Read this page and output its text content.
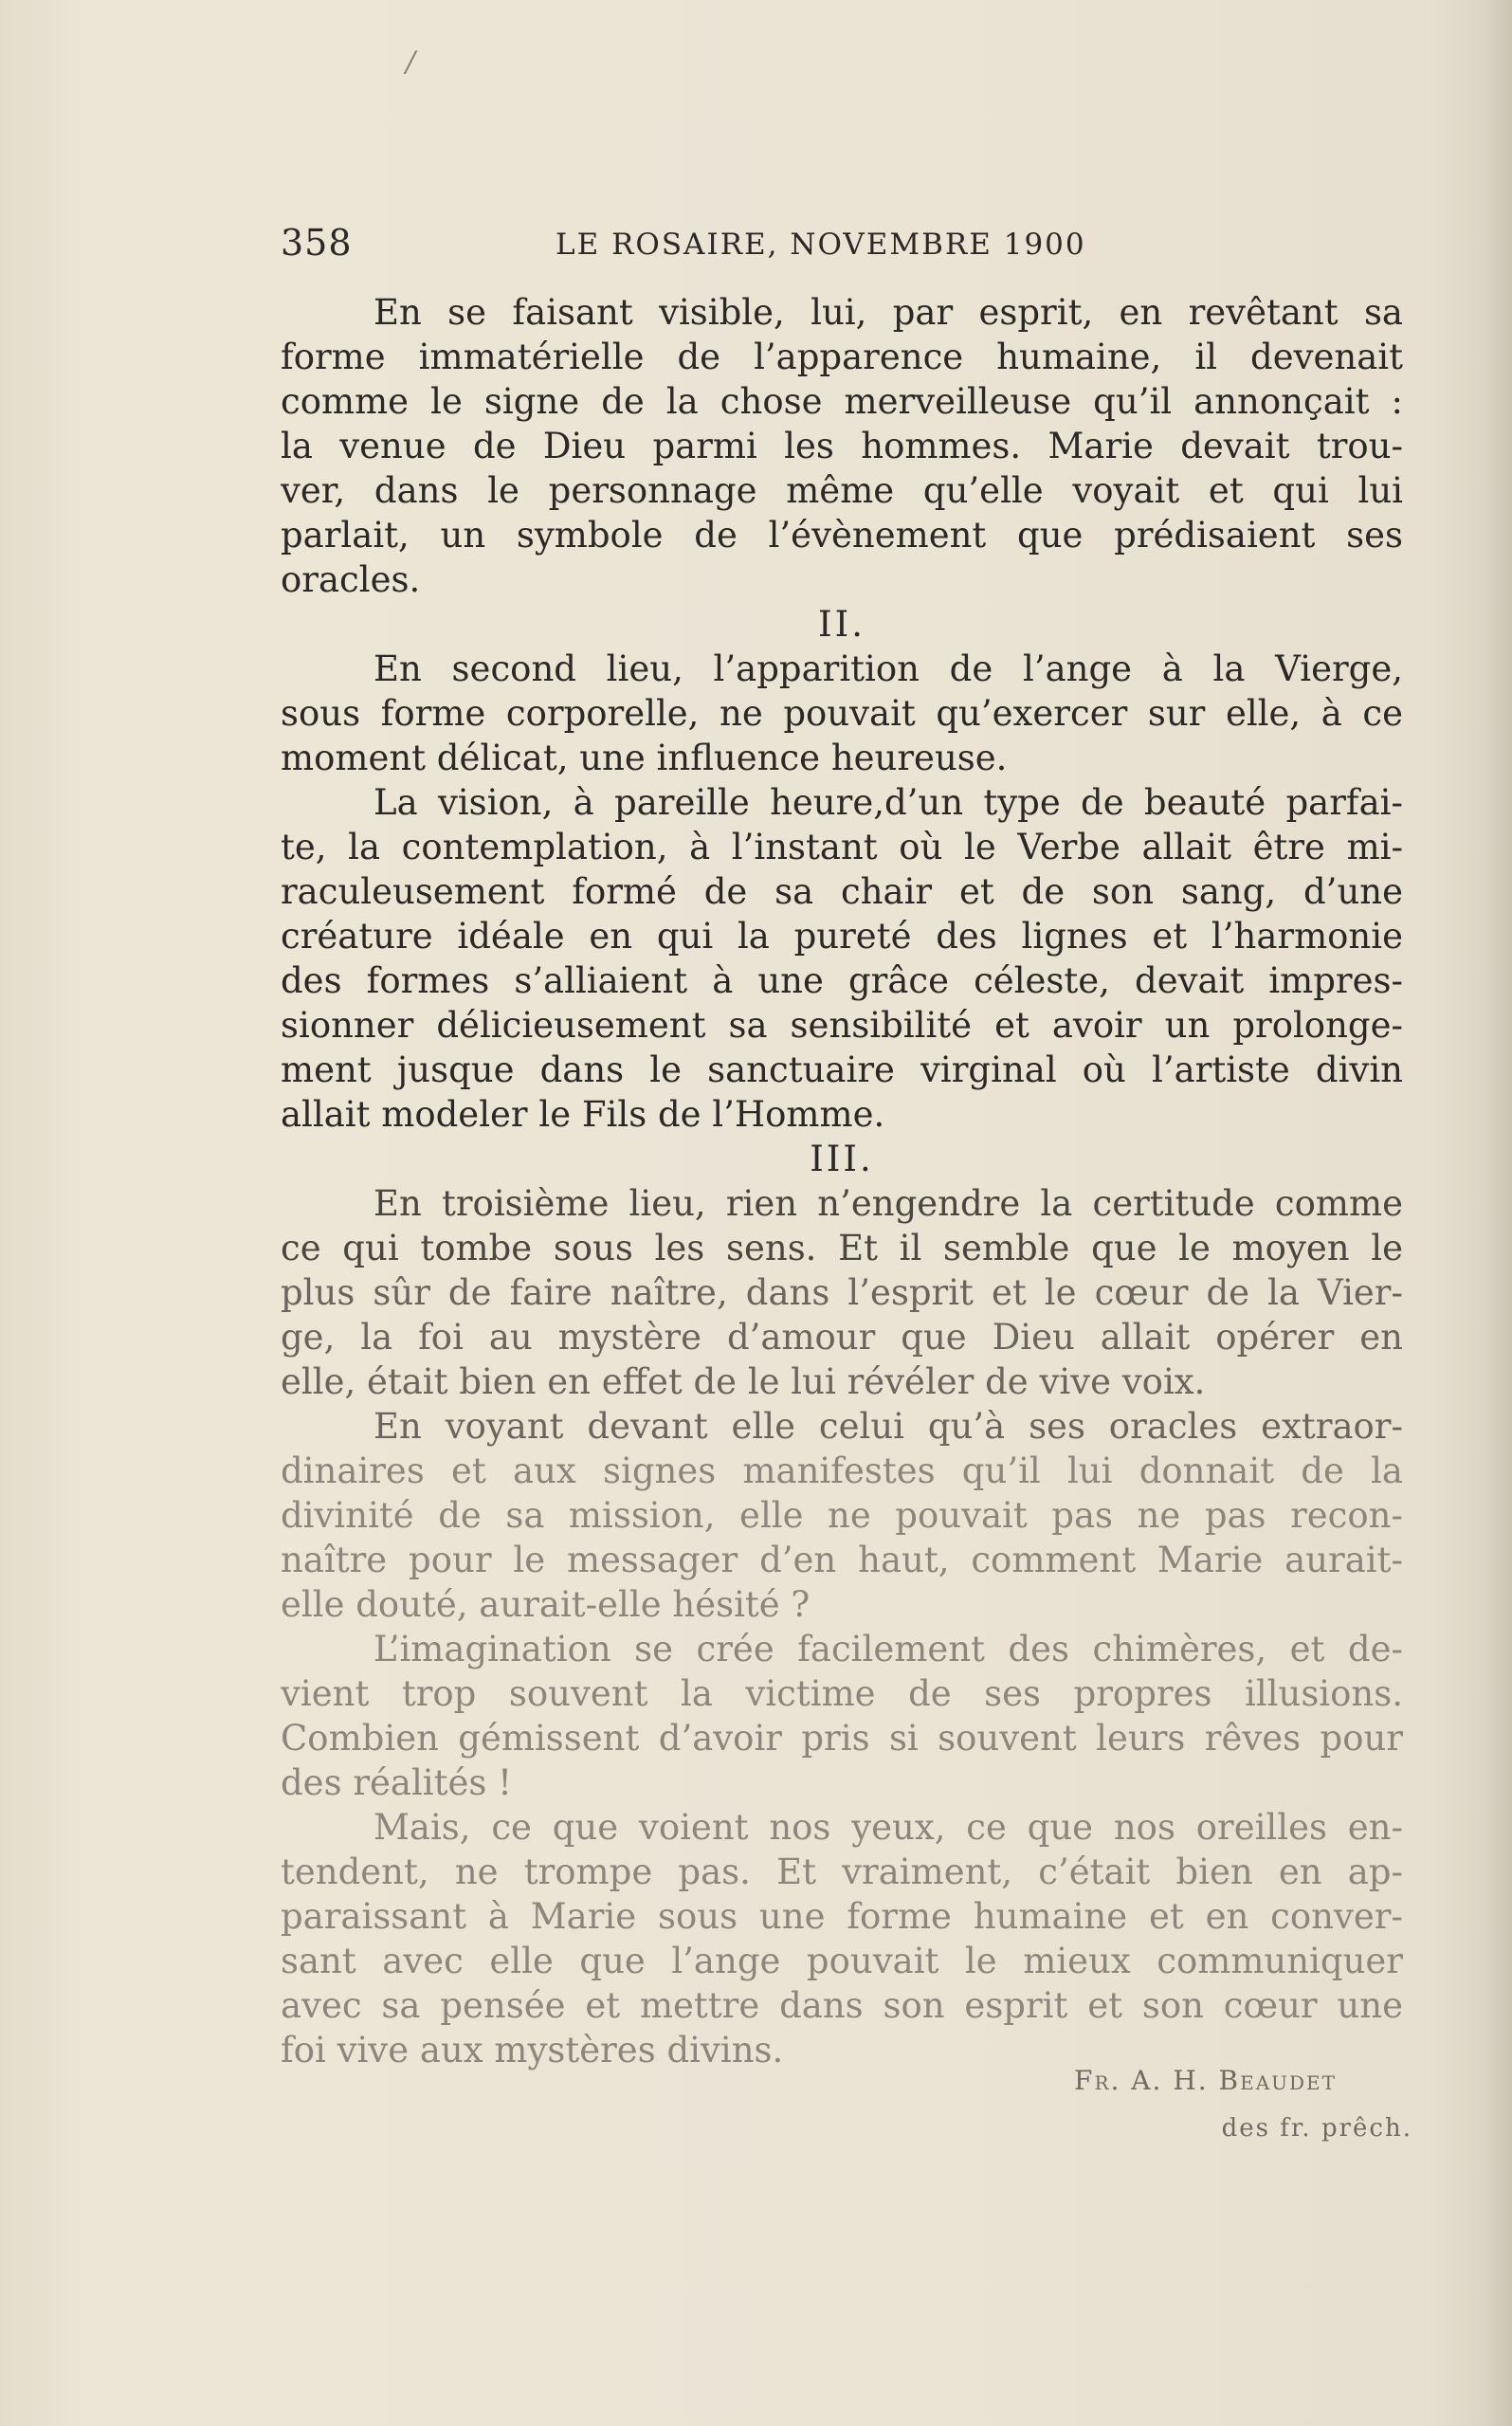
/
358	LE ROSAIRE, NOVEMBRE 1900
En se faisant visible, lui, par esprit, en revêtant sa
forme immatérielle de l’apparence humaine, il devenait
comme le signe de la chose merveilleuse qu’il annonçait :
la venue de Dieu parmi les hommes. Marie devait trou-
ver, dans le personnage même qu’elle voyait et qui lui
parlait, un symbole de l’évènement que prédisaient ses
oracles.
II.
En second lieu, l’apparition de l’ange à la Vierge,
sous forme corporelle, ne pouvait qu’exercer sur elle, à ce
moment délicat, une influence heureuse.
La vision, à pareille heure,d’un type de beauté parfai-
te, la contemplation, à l’instant où le Verbe allait être mi-
raculeusement formé de sa chair et de son sang, d’une
créature idéale en qui la pureté des lignes et l’harmonie
des formes s’alliaient à une grâce céleste, devait impres-
sionner délicieusement sa sensibilité et avoir un prolonge-
ment jusque dans le sanctuaire virginal où l’artiste divin
allait modeler le Fils de l’Homme.
III.
En troisième lieu, rien n’engendre la certitude comme
ce qui tombe sous les sens. Et il semble que le moyen le
plus sûr de faire naître, dans l’esprit et le cœur de la Vier-
ge, la foi au mystère d’amour que Dieu allait opérer en
elle, était bien en effet de le lui révéler de vive voix.
En voyant devant elle celui qu’à ses oracles extraor-
dinaires et aux signes manifestes qu’il lui donnait de la
divinité de sa mission, elle ne pouvait pas ne pas recon-
naître pour le messager d’en haut, comment Marie aurait-
elle douté, aurait-elle hésité ?
L’imagination se crée facilement des chimères, et de-
vient trop souvent la victime de ses propres illusions.
Combien gémissent d’avoir pris si souvent leurs rêves pour
des réalités !
Mais, ce que voient nos yeux, ce que nos oreilles en-
tendent, ne trompe pas. Et vraiment, c’était bien en ap-
paraissant à Marie sous une forme humaine et en conver-
sant avec elle que l’ange pouvait le mieux communiquer
avec sa pensée et mettre dans son esprit et son cœur une
foi vive aux mystères divins.
Fr. A. H. Beaudet
des fr. prêch.
